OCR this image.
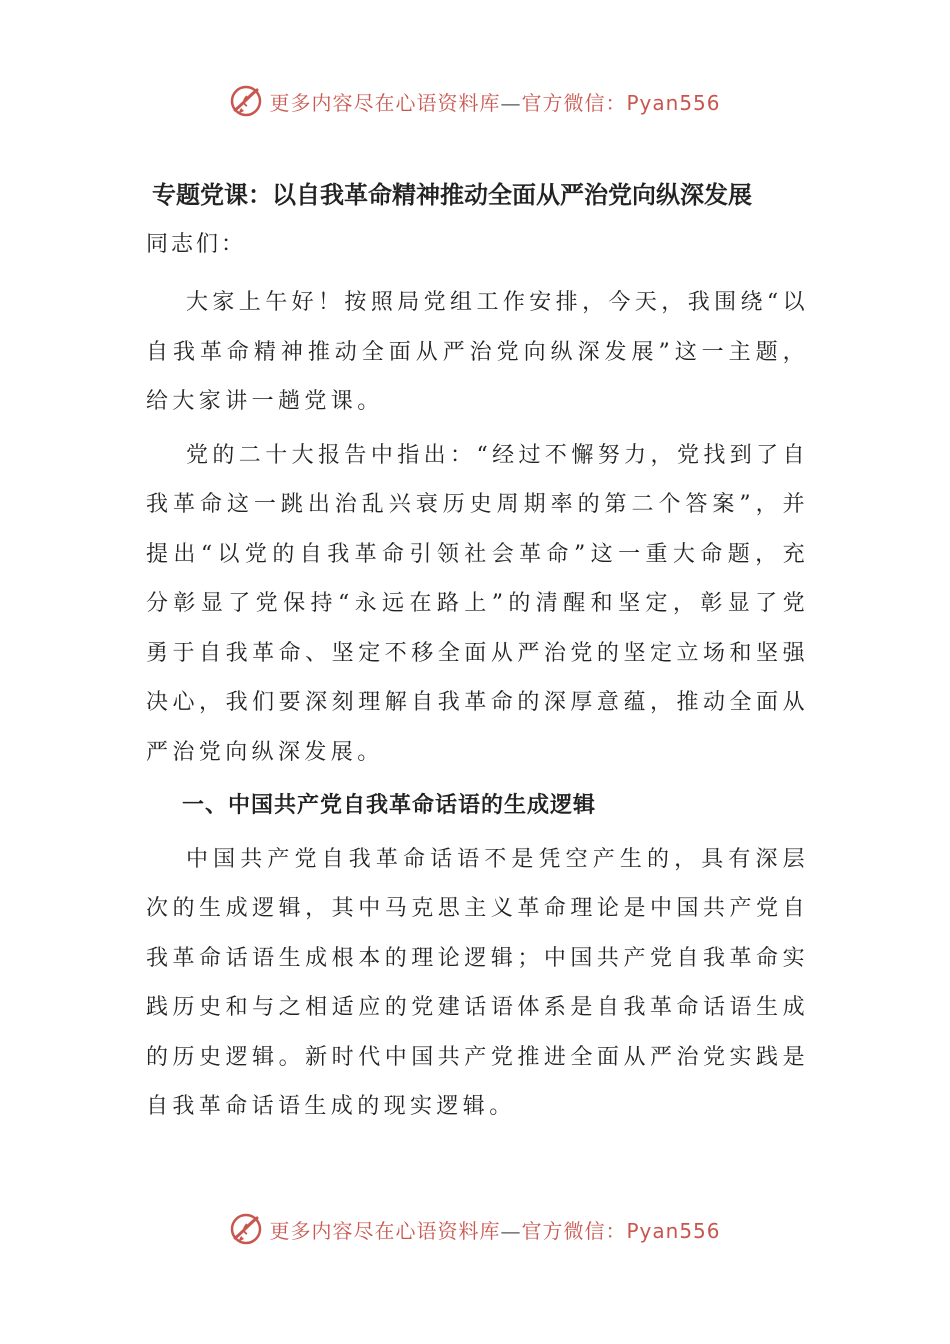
更多内容尽在心语资料库—官方微信：Pyan556
专题党课：以自我革命精神推动全面从严治党向纵深发展
同志们：

大家上午好！按照局党组工作安排，今天，我围绕“以自我革命精神推动全面从严治党向纵深发展”这一主题，给大家讲一趟党课。

党的二十大报告中指出：“经过不懈努力，党找到了自我革命这一跳出治乱兴衰历史周期率的第二个答案”，并提出“以党的自我革命引领社会革命”这一重大命题，充分彰显了党保持“永远在路上”的清醒和坚定，彰显了党勇于自我革命、坚定不移全面从严治党的坚定立场和坚强决心，我们要深刻理解自我革命的深厚意蕴，推动全面从严治党向纵深发展。

一、中国共产党自我革命话语的生成逻辑

中国共产党自我革命话语不是凭空产生的，具有深层次的生成逻辑，其中马克思主义革命理论是中国共产党自我革命话语生成根本的理论逻辑；中国共产党自我革命实践历史和与之相适应的党建话语体系是自我革命话语生成的历史逻辑。新时代中国共产党推进全面从严治党实践是自我革命话语生成的现实逻辑。

更多内容尽在心语资料库—官方微信：Pyan556
